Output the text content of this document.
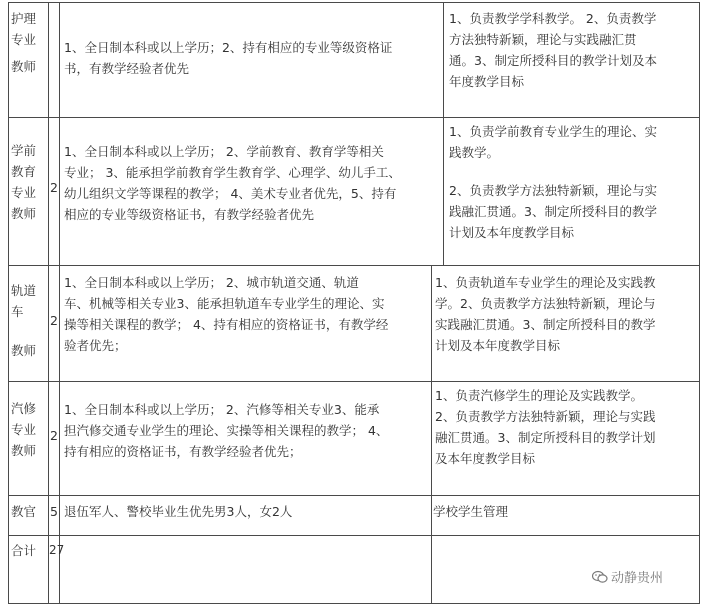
护理

专业

教师

1、全日制本科或以上学历；2、持有相应的专业等级资格证

书，有教学经验者优先

1、负责教学学科教学。 2、负责教学

方法独特新颖，理论与实践融汇贯

通。3、制定所授科目的教学计划及本

年度教学目标

学前

教育

专业

教师

2

1、全日制本科或以上学历； 2、学前教育、教育学等相关

专业； 3、能承担学前教育学生教育学、心理学、幼儿手工、

幼儿组织文学等课程的教学； 4、美术专业者优先，5、持有

相应的专业等级资格证书，有教学经验者优先

1、负责学前教育专业学生的理论、实

践教学。

2、负责教学方法独特新颖，理论与实

践融汇贯通。3、制定所授科目的教学

计划及本年度教学目标

轨道

车

教师

2

1、全日制本科或以上学历； 2、城市轨道交通、轨道

车、机械等相关专业3、能承担轨道车专业学生的理论、实

操等相关课程的教学； 4、持有相应的资格证书，有教学经

验者优先；

1、负责轨道车专业学生的理论及实践教

学。2、负责教学方法独特新颖，理论与

实践融汇贯通。3、制定所授科目的教学

计划及本年度教学目标

汽修

专业

教师

2

1、全日制本科或以上学历； 2、汽修等相关专业3、能承

担汽修交通专业学生的理论、实操等相关课程的教学； 4、

持有相应的资格证书，有教学经验者优先；

1、负责汽修学生的理论及实践教学。

2、负责教学方法独特新颖，理论与实践

融汇贯通。3、制定所授科目的教学计划

及本年度教学目标

教官 5 退伍军人、警校毕业生优先男3人，女2人	学校学生管理

合计 27
动静贵州
